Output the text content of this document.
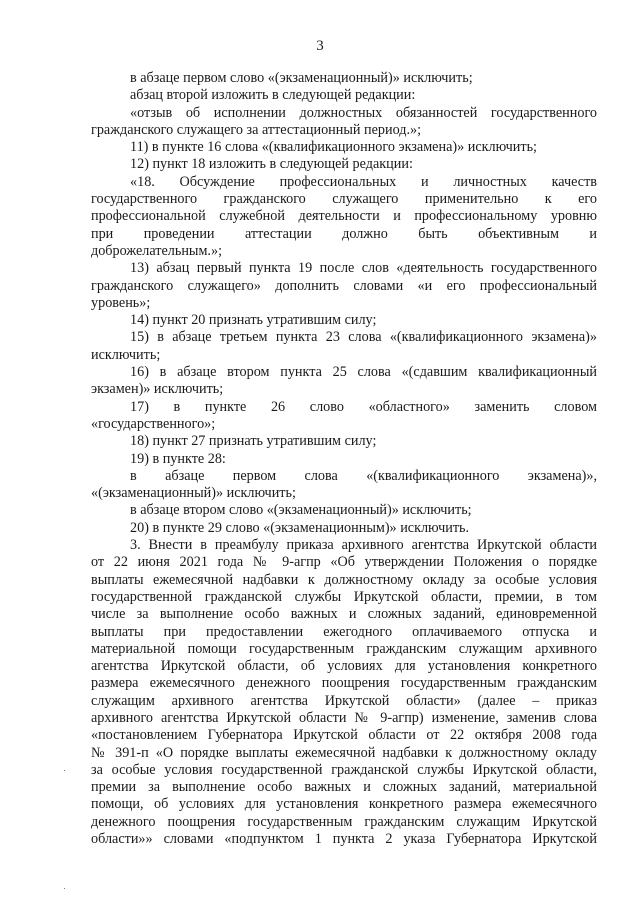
3
в абзаце первом слово «(экзаменационный)» исключить;
абзац второй изложить в следующей редакции:
«отзыв об исполнении должностных обязанностей государственного
гражданского служащего за аттестационный период.»;
11) в пункте 16 слова «(квалификационного экзамена)» исключить;
12) пункт 18 изложить в следующей редакции:
«18. Обсуждение профессиональных и личностных качеств
государственного гражданского служащего применительно к его
профессиональной служебной деятельности и профессиональному уровню
при проведении аттестации должно быть объективным и
доброжелательным.»;
13) абзац первый пункта 19 после слов «деятельность государственного
гражданского служащего» дополнить словами «и его профессиональный
уровень»;
14) пункт 20 признать утратившим силу;
15) в абзаце третьем пункта 23 слова «(квалификационного экзамена)»
исключить;
16) в абзаце втором пункта 25 слова «(сдавшим квалификационный
экзамен)» исключить;
17) в пункте 26 слово «областного» заменить словом
«государственного»;
18) пункт 27 признать утратившим силу;
19) в пункте 28:
в абзаце первом слова «(квалификационного экзамена)»,
«(экзаменационный)» исключить;
в абзаце втором слово «(экзаменационный)» исключить;
20) в пункте 29 слово «(экзаменационным)» исключить.
3. Внести в преамбулу приказа архивного агентства Иркутской области
от 22 июня 2021 года № 9-агпр «Об утверждении Положения о порядке
выплаты ежемесячной надбавки к должностному окладу за особые условия
государственной гражданской службы Иркутской области, премии, в том
числе за выполнение особо важных и сложных заданий, единовременной
выплаты при предоставлении ежегодного оплачиваемого отпуска и
материальной помощи государственным гражданским служащим архивного
агентства Иркутской области, об условиях для установления конкретного
размера ежемесячного денежного поощрения государственным гражданским
служащим архивного агентства Иркутской области» (далее – приказ
архивного агентства Иркутской области № 9-агпр) изменение, заменив слова
«постановлением Губернатора Иркутской области от 22 октября 2008 года
№ 391-п «О порядке выплаты ежемесячной надбавки к должностному окладу
за особые условия государственной гражданской службы Иркутской области,
премии за выполнение особо важных и сложных заданий, материальной
помощи, об условиях для установления конкретного размера ежемесячного
денежного поощрения государственным гражданским служащим Иркутской
области»» словами «подпунктом 1 пункта 2 указа Губернатора Иркутской
